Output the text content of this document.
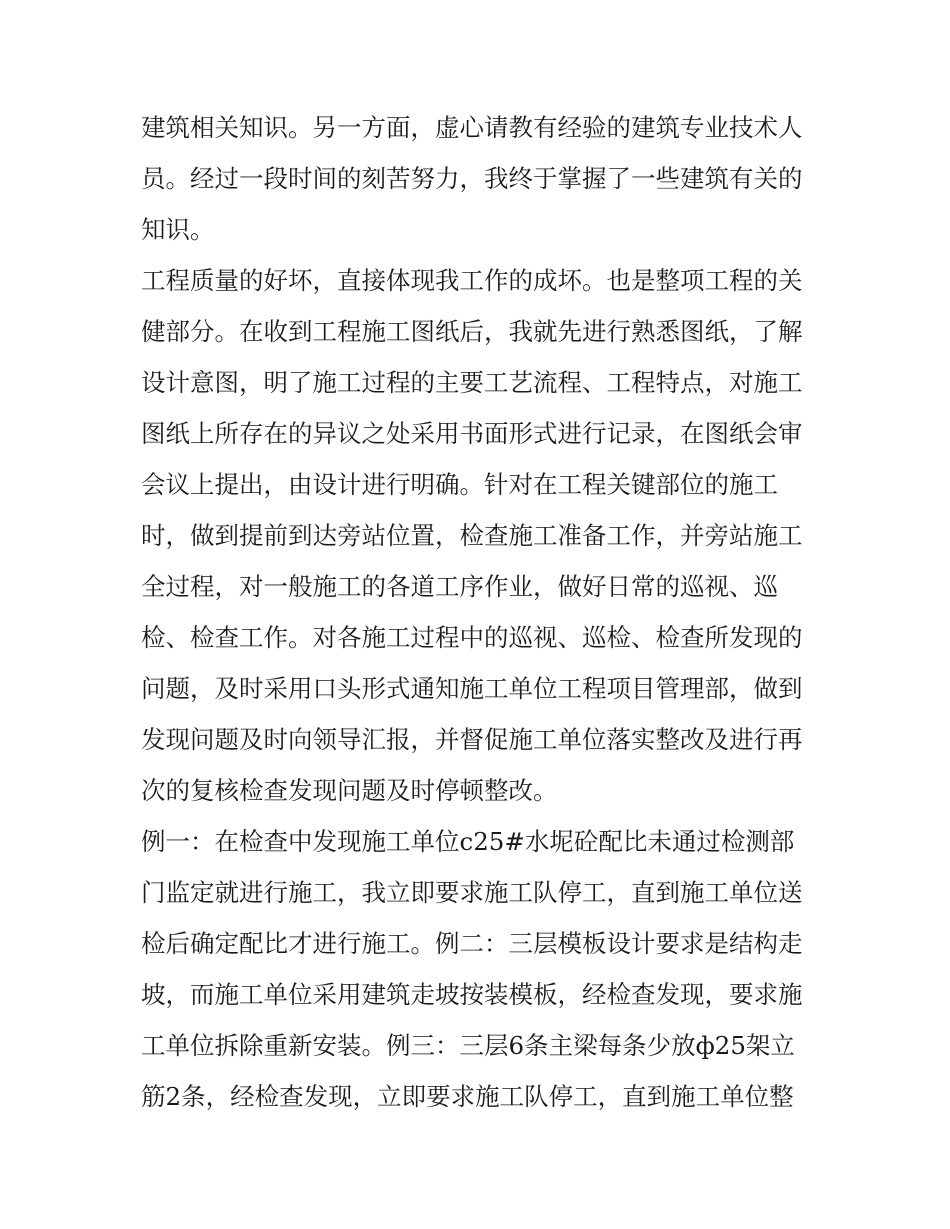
建筑相关知识。另一方面，虚心请教有经验的建筑专业技术人
员。经过一段时间的刻苦努力，我终于掌握了一些建筑有关的
知识。
工程质量的好坏，直接体现我工作的成坏。也是整项工程的关
健部分。在收到工程施工图纸后，我就先进行熟悉图纸，了解
设计意图，明了施工过程的主要工艺流程、工程特点，对施工
图纸上所存在的异议之处采用书面形式进行记录，在图纸会审
会议上提出，由设计进行明确。针对在工程关键部位的施工
时，做到提前到达旁站位置，检查施工准备工作，并旁站施工
全过程，对一般施工的各道工序作业，做好日常的巡视、巡
检、检查工作。对各施工过程中的巡视、巡检、检查所发现的
问题，及时采用口头形式通知施工单位工程项目管理部，做到
发现问题及时向领导汇报，并督促施工单位落实整改及进行再
次的复核检查发现问题及时停顿整改。
例一：在检查中发现施工单位c25#水坭砼配比未通过检测部
门监定就进行施工，我立即要求施工队停工，直到施工单位送
检后确定配比才进行施工。例二：三层模板设计要求是结构走
坡，而施工单位采用建筑走坡按装模板，经检查发现，要求施
工单位拆除重新安装。例三：三层6条主梁每条少放ф25架立
筋2条，经检查发现，立即要求施工队停工，直到施工单位整
